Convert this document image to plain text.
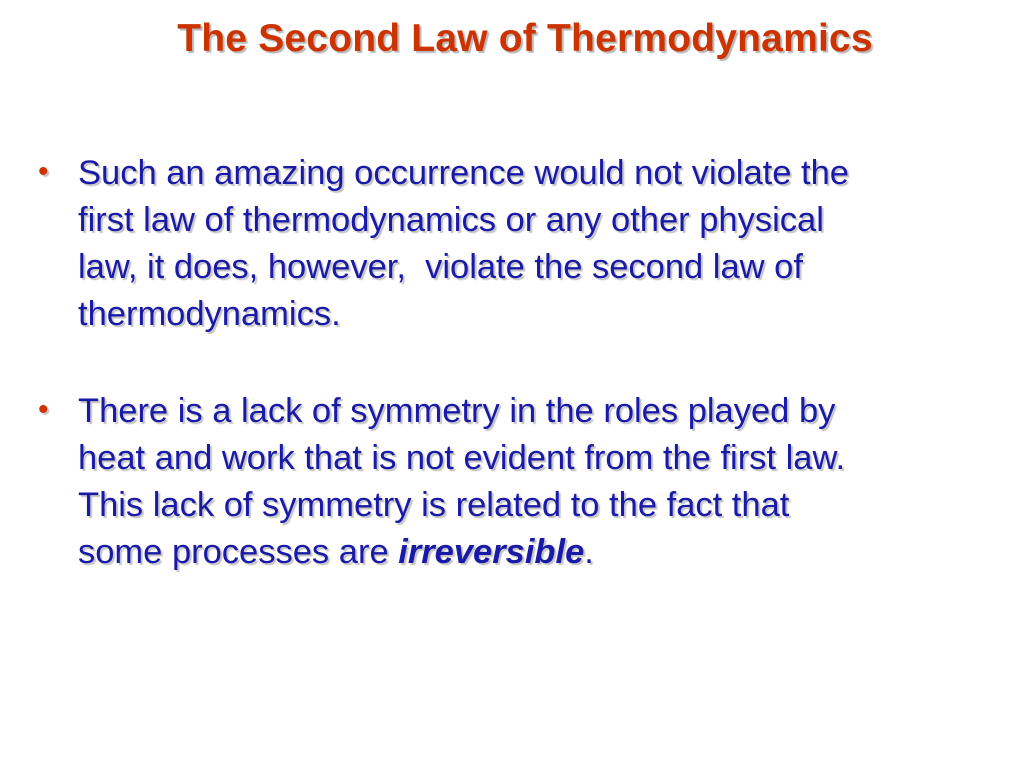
The Second Law of Thermodynamics
• Such an amazing occurrence would not violate the
first law of thermodynamics or any other physical
law, it does, however,  violate the second law of
thermodynamics.
• There is a lack of symmetry in the roles played by
heat and work that is not evident from the first law.
This lack of symmetry is related to the fact that
some processes are irreversible.
